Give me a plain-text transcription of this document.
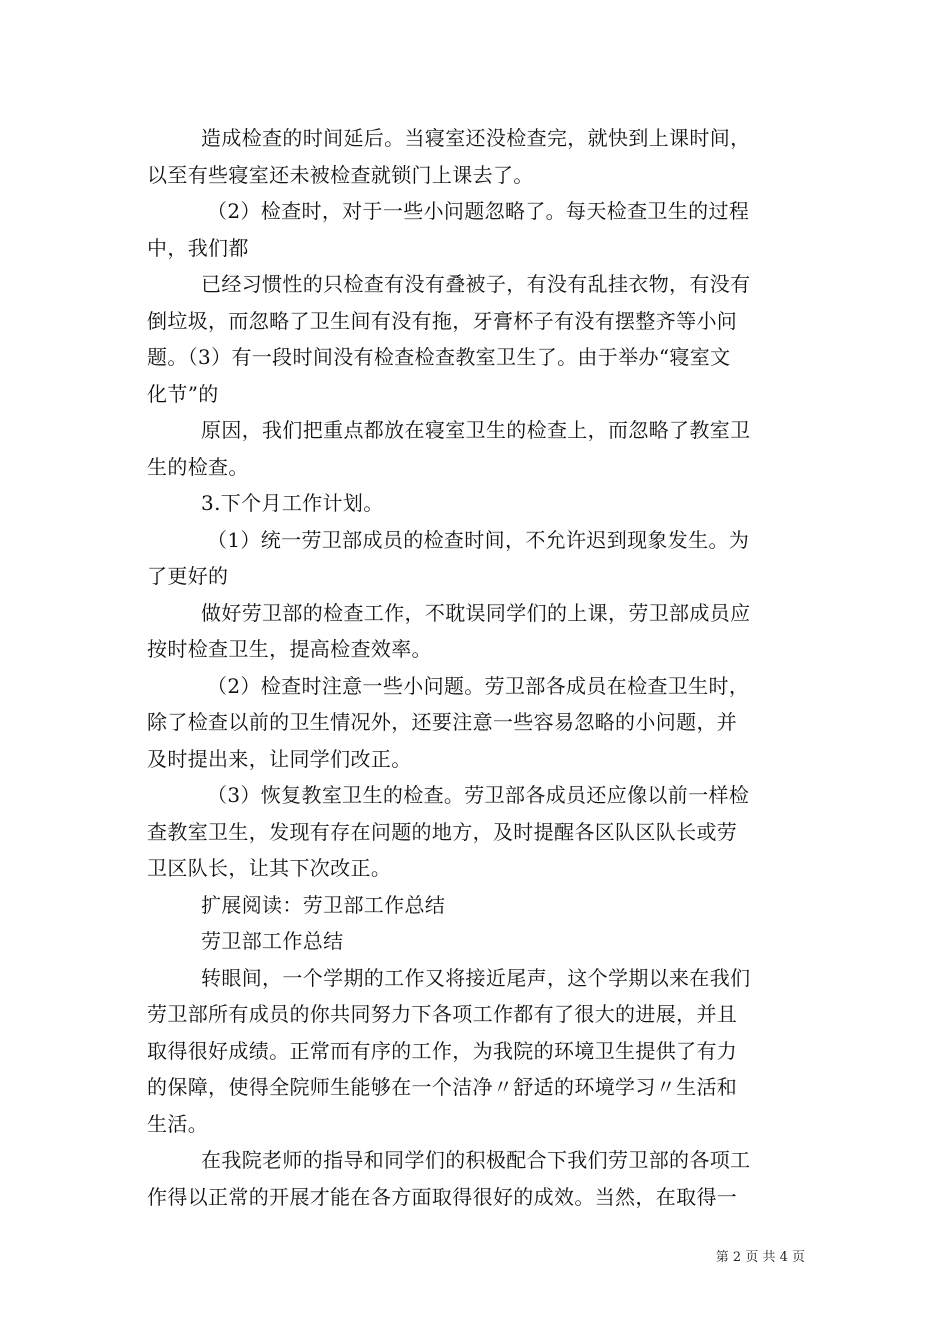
造成检查的时间延后。当寝室还没检查完，就快到上课时间，
以至有些寝室还未被检查就锁门上课去了。
（2）检查时，对于一些小问题忽略了。每天检查卫生的过程
中，我们都
已经习惯性的只检查有没有叠被子，有没有乱挂衣物，有没有
倒垃圾，而忽略了卫生间有没有拖，牙膏杯子有没有摆整齐等小问
题。（3）有一段时间没有检查检查教室卫生了。由于举办“寝室文
化节”的
原因，我们把重点都放在寝室卫生的检查上，而忽略了教室卫
生的检查。
3.下个月工作计划。
（1）统一劳卫部成员的检查时间，不允许迟到现象发生。为
了更好的
做好劳卫部的检查工作，不耽误同学们的上课，劳卫部成员应
按时检查卫生，提高检查效率。
（2）检查时注意一些小问题。劳卫部各成员在检查卫生时，
除了检查以前的卫生情况外，还要注意一些容易忽略的小问题，并
及时提出来，让同学们改正。
（3）恢复教室卫生的检查。劳卫部各成员还应像以前一样检
查教室卫生，发现有存在问题的地方，及时提醒各区队区队长或劳
卫区队长，让其下次改正。
扩展阅读：劳卫部工作总结
劳卫部工作总结
转眼间，一个学期的工作又将接近尾声，这个学期以来在我们
劳卫部所有成员的你共同努力下各项工作都有了很大的进展，并且
取得很好成绩。正常而有序的工作，为我院的环境卫生提供了有力
的保障，使得全院师生能够在一个洁净〃舒适的环境学习〃生活和
生活。
在我院老师的指导和同学们的积极配合下我们劳卫部的各项工
作得以正常的开展才能在各方面取得很好的成效。当然，在取得一
第 2 页 共 4 页
